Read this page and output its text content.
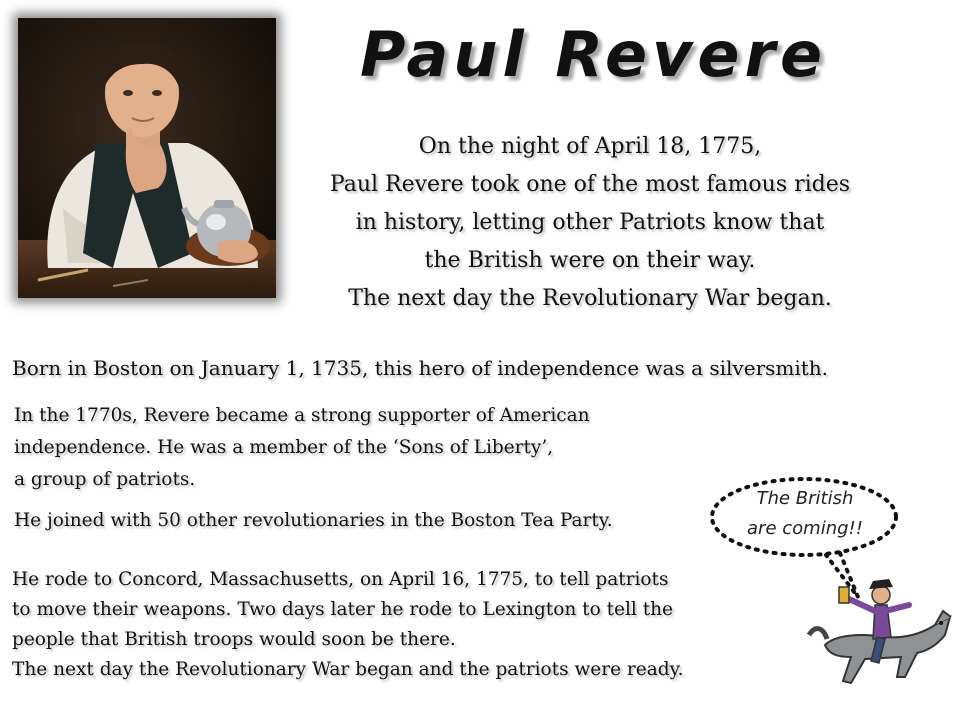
Paul Revere
On the night of April 18, 1775,
Paul Revere took one of the most famous rides
in history, letting other Patriots know that
the British were on their way.
The next day the Revolutionary War began.
Born in Boston on January 1, 1735, this hero of independence was a silversmith.
In the 1770s, Revere became a strong supporter of American
independence. He was a member of the ‘Sons of Liberty’,
a group of patriots.
He joined with 50 other revolutionaries in the Boston Tea Party.
He rode to Concord, Massachusetts, on April 16, 1775, to tell patriots
to move their weapons. Two days later he rode to Lexington to tell the
people that British troops would soon be there.
The next day the Revolutionary War began and the patriots were ready.
The British
are coming!!
